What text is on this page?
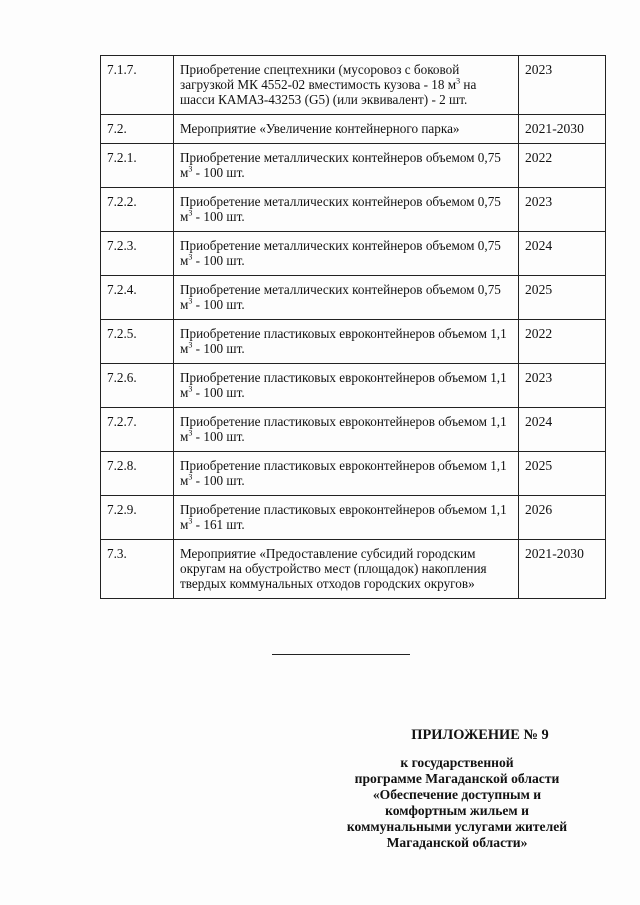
7.1.7.	Приобретение спецтехники (мусоровоз с боковой загрузкой МК 4552-02 вместимость кузова - 18 $м^3$ на шасси КАМАЗ-43253 (G5) (или эквивалент) - 2 шт.	2023
7.2.	Мероприятие «Увеличение контейнерного парка»	2021-2030
7.2.1.	Приобретение металлических контейнеров объемом 0,75 $м^3 - 100$ шт.	2022
7.2.2.	Приобретение металлических контейнеров объемом 0,75 $м^3 - 100$ шт.	2023
7.2.3.	Приобретение металлических контейнеров объемом 0,75 $м^3 - 100$ шт.	2024
7.2.4.	Приобретение металлических контейнеров объемом 0,75 $м^3 - 100$ шт.	2025
7.2.5.	Приобретение пластиковых евроконтейнеров объемом 1,1 $м^3 - 100$ шт.	2022
7.2.6.	Приобретение пластиковых евроконтейнеров объемом 1,1 $м^3 - 100$ шт.	2023
7.2.7.	Приобретение пластиковых евроконтейнеров объемом 1,1 $м^3 - 100$ шт.	2024
7.2.8.	Приобретение пластиковых евроконтейнеров объемом 1,1 $м^3 - 100$ шт.	2025
7.2.9.	Приобретение пластиковых евроконтейнеров объемом 1,1 $м^3 - 161$ шт.	2026
7.3.	Мероприятие «Предоставление субсидий городским округам на обустройство мест (площадок) накопления твердых коммунальных отходов городских округов»	2021-2030
ПРИЛОЖЕНИЕ № 9
к государственной
программе Магаданской области
«Обеспечение доступным и
комфортным жильем и
коммунальными услугами жителей
Магаданской области»
